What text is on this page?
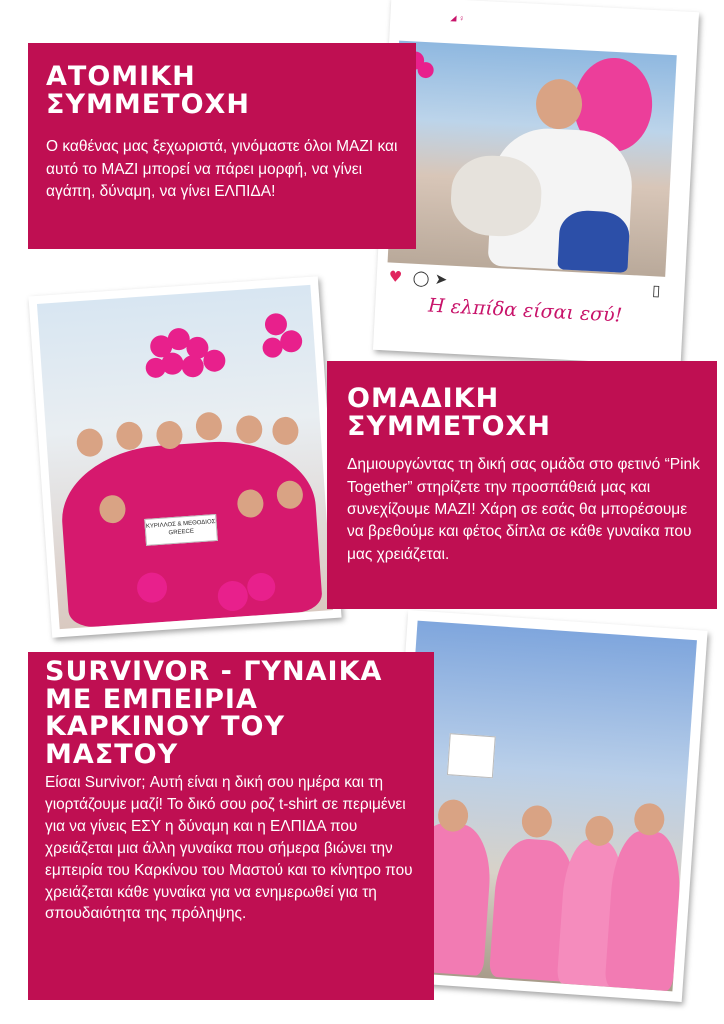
◢ ♀
♥ ◯ ➤
▯
Η ελπίδα είσαι εσύ!
ΚΥΡΙΛΛΟΣ & ΜΕΘΟΔΙΟΣ
GREECE
ΑΤΟΜΙΚΗ
ΣΥΜΜΕΤΟΧΗ

Ο καθένας μας ξεχωριστά, γινόμαστε όλοι ΜΑΖΙ και αυτό το ΜΑΖΙ μπορεί να πάρει μορφή, να γίνει αγάπη, δύναμη, να γίνει ΕΛΠΙΔΑ!

ΟΜΑΔΙΚΗ
ΣΥΜΜΕΤΟΧΗ

Δημιουργώντας τη δική σας ομάδα στο φετινό “Pink Together” στηρίζετε την προσπάθειά μας και συνεχίζουμε ΜΑΖΙ! Χάρη σε εσάς θα μπορέσουμε να βρεθούμε και φέτος δίπλα σε κάθε γυναίκα που μας χρειάζεται.

SURVIVOR - ΓΥΝΑΙΚΑ
ΜΕ ΕΜΠΕΙΡΙΑ
ΚΑΡΚΙΝΟΥ ΤΟΥ
ΜΑΣΤΟΥ

Είσαι Survivor; Αυτή είναι η δική σου ημέρα και τη γιορτάζουμε μαζί! Το δικό σου ροζ t-shirt σε περιμένει για να γίνεις ΕΣΥ η δύναμη και η ΕΛΠΙΔΑ που χρειάζεται μια άλλη γυναίκα που σήμερα βιώνει την εμπειρία του Καρκίνου του Μαστού και το κίνητρο που χρειάζεται κάθε γυναίκα για να ενημερωθεί για τη σπουδαιότητα της πρόληψης.
